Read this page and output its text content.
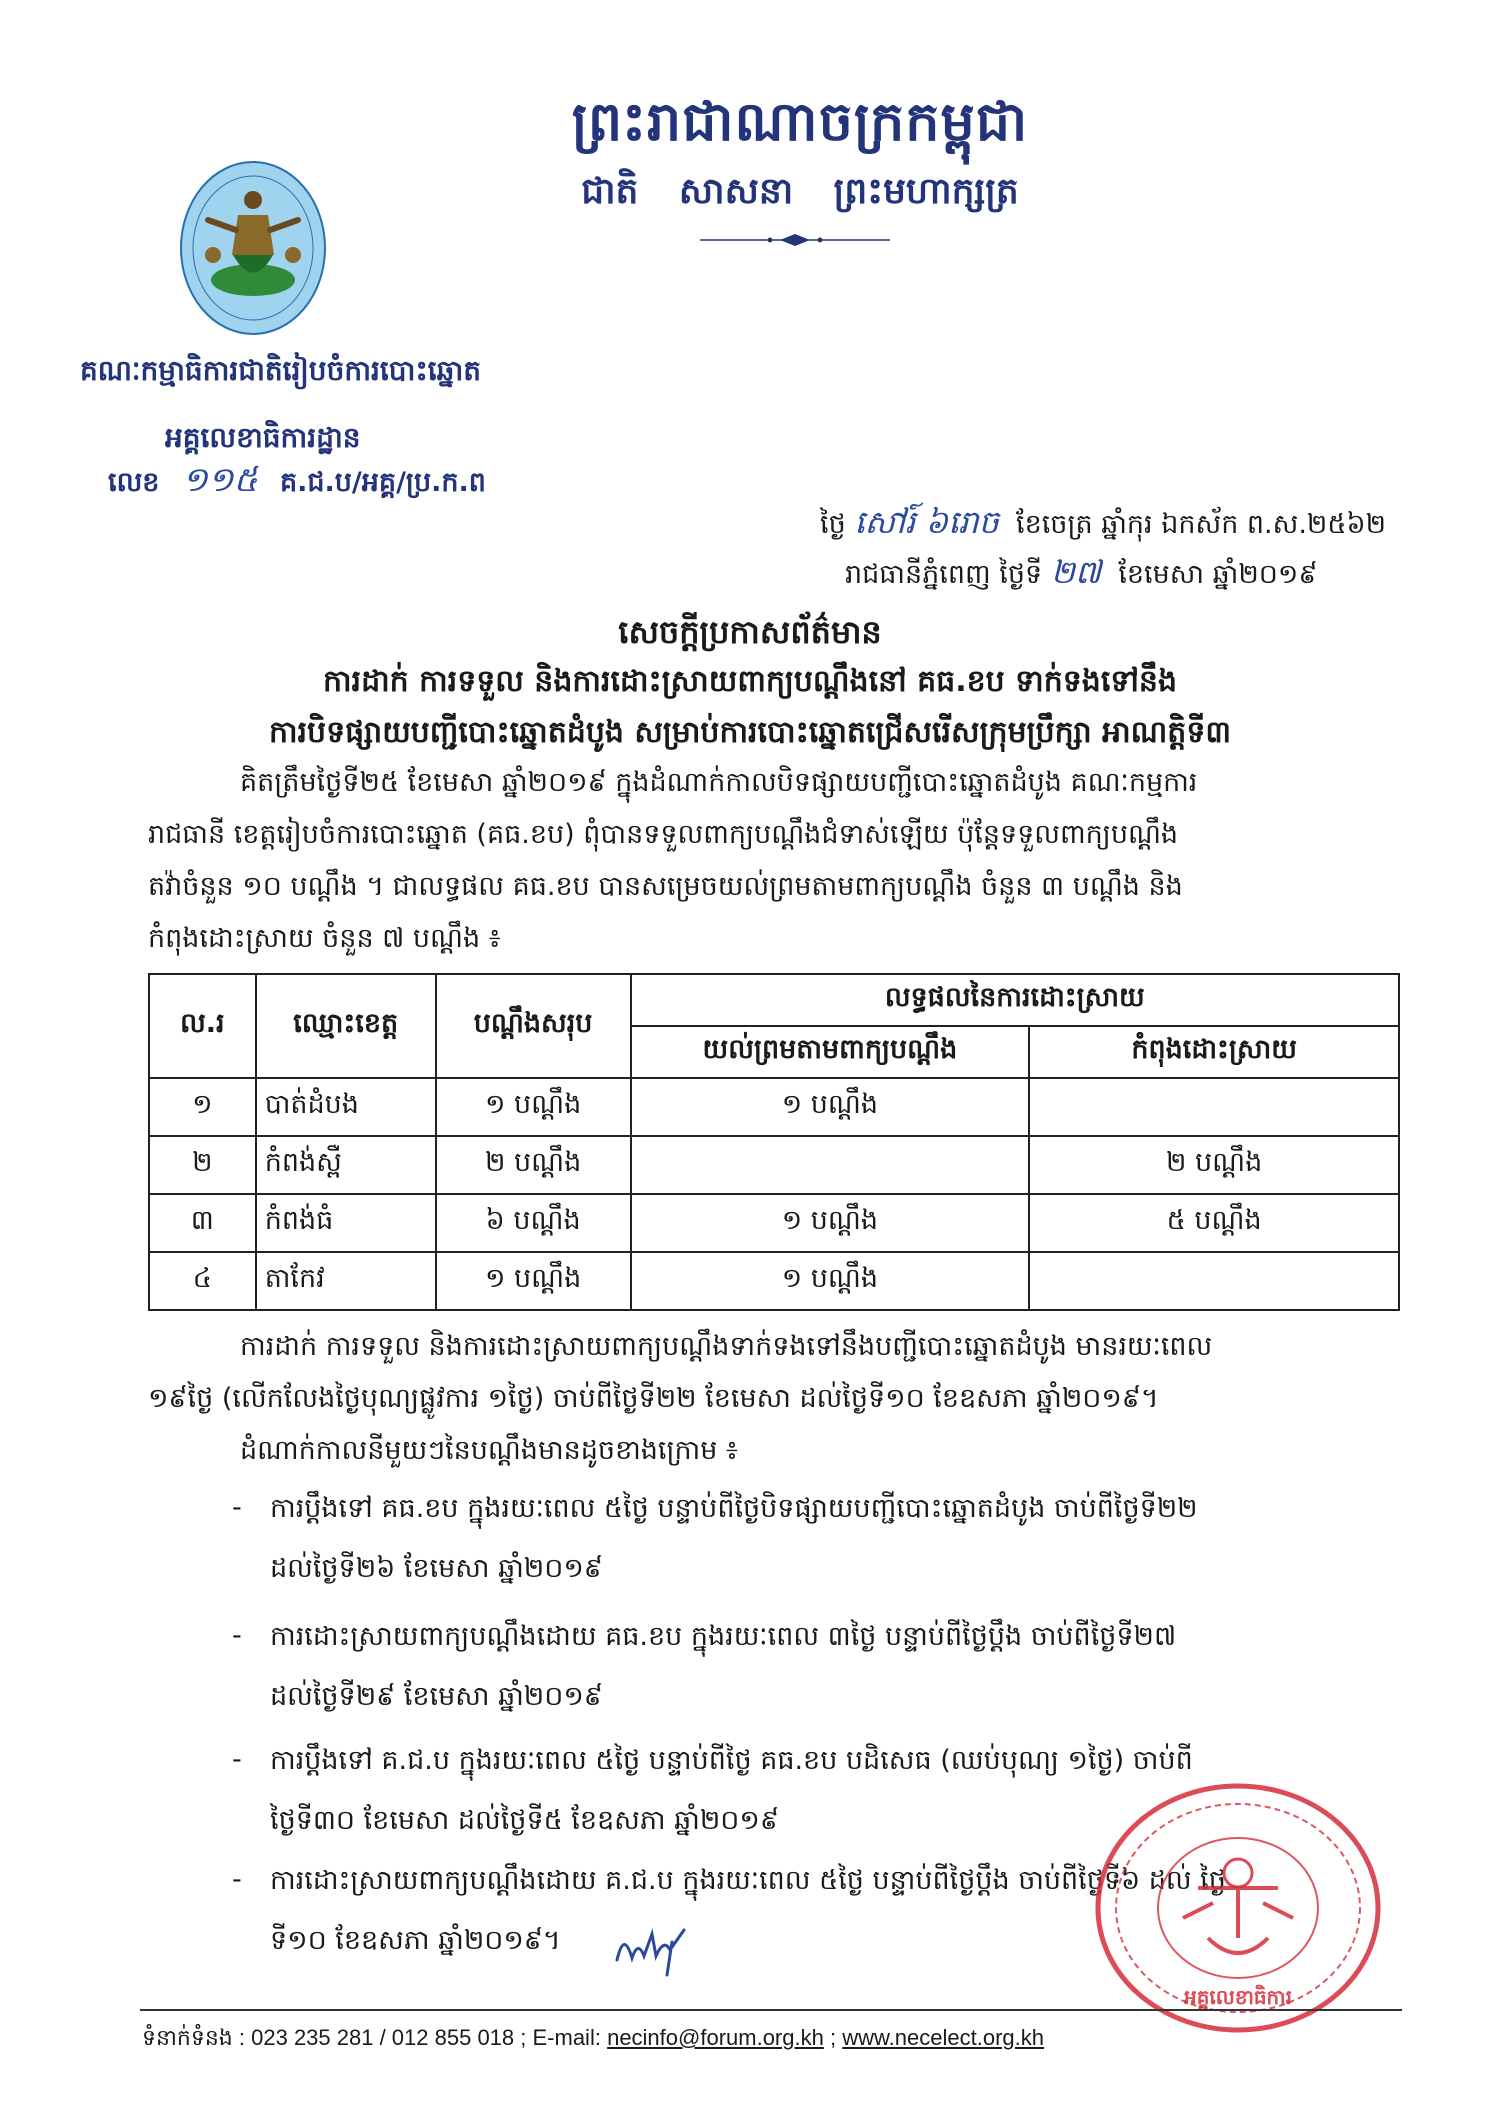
ព្រះរាជាណាចក្រកម្ពុជា
ជាតិ សាសនា ព្រះមហាក្សត្រ
គណៈកម្មាធិការជាតិរៀបចំការបោះឆ្នោត
អគ្គលេខាធិការដ្ឋាន
លេខ ១១៥ គ.ជ.ប/អគ្គ/ប្រ.ក.ព
ថ្ងៃ សៅរ៍ ៦រោច ខែចេត្រ ឆ្នាំកុរ ឯកស័ក ព.ស.២៥៦២
រាជធានីភ្នំពេញ ថ្ងៃទី ២៧ ខែមេសា ឆ្នាំ២០១៩
សេចក្តីប្រកាសព័ត៌មាន
ការដាក់ ការទទួល និងការដោះស្រាយពាក្យបណ្តឹងនៅ គធ.ខប ទាក់ទងទៅនឹង
ការបិទផ្សាយបញ្ជីបោះឆ្នោតដំបូង សម្រាប់ការបោះឆ្នោតជ្រើសរើសក្រុមប្រឹក្សា អាណត្តិទី៣
គិតត្រឹមថ្ងៃទី២៥ ខែមេសា ឆ្នាំ២០១៩ ក្នុងដំណាក់កាលបិទផ្សាយបញ្ជីបោះឆ្នោតដំបូង គណៈកម្មការ
រាជធានី ខេត្តរៀបចំការបោះឆ្នោត (គធ.ខប) ពុំបានទទួលពាក្យបណ្តឹងជំទាស់ឡើយ ប៉ុន្តែទទួលពាក្យបណ្តឹង
តវ៉ាចំនួន ១០ បណ្តឹង ។ ជាលទ្ធផល គធ.ខប បានសម្រេចយល់ព្រមតាមពាក្យបណ្តឹង ចំនួន ៣ បណ្តឹង និង
កំពុងដោះស្រាយ ចំនួន ៧ បណ្តឹង ៖
ល.រ	ឈ្មោះខេត្ត	បណ្តឹងសរុប	លទ្ធផលនៃការដោះស្រាយ	
			យល់ព្រមតាមពាក្យបណ្តឹង	កំពុងដោះស្រាយ
១	បាត់ដំបង	១ បណ្តឹង	១ បណ្តឹង	
២	កំពង់ស្ពឺ	២ បណ្តឹង		២ បណ្តឹង
៣	កំពង់ធំ	៦ បណ្តឹង	១ បណ្តឹង	៥ បណ្តឹង
៤	តាកែវ	១ បណ្តឹង	១ បណ្តឹង	
ការដាក់ ការទទួល និងការដោះស្រាយពាក្យបណ្តឹងទាក់ទងទៅនឹងបញ្ជីបោះឆ្នោតដំបូង មានរយៈពេល
១៩ថ្ងៃ (លើកលែងថ្ងៃបុណ្យផ្លូវការ ១ថ្ងៃ) ចាប់ពីថ្ងៃទី២២ ខែមេសា ដល់ថ្ងៃទី១០ ខែឧសភា ឆ្នាំ២០១៩។
ដំណាក់កាលនីមួយៗនៃបណ្តឹងមានដូចខាងក្រោម ៖
- ការប្តឹងទៅ គធ.ខប ក្នុងរយៈពេល ៥ថ្ងៃ បន្ទាប់ពីថ្ងៃបិទផ្សាយបញ្ជីបោះឆ្នោតដំបូង ចាប់ពីថ្ងៃទី២២
ដល់ថ្ងៃទី២៦ ខែមេសា ឆ្នាំ២០១៩
- ការដោះស្រាយពាក្យបណ្តឹងដោយ គធ.ខប ក្នុងរយៈពេល ៣ថ្ងៃ បន្ទាប់ពីថ្ងៃប្តឹង ចាប់ពីថ្ងៃទី២៧
ដល់ថ្ងៃទី២៩ ខែមេសា ឆ្នាំ២០១៩
- ការប្តឹងទៅ គ.ជ.ប ក្នុងរយៈពេល ៥ថ្ងៃ បន្ទាប់ពីថ្ងៃ គធ.ខប បដិសេធ (ឈប់បុណ្យ ១ថ្ងៃ) ចាប់ពី
ថ្ងៃទី៣០ ខែមេសា ដល់ថ្ងៃទី៥ ខែឧសភា ឆ្នាំ២០១៩
- ការដោះស្រាយពាក្យបណ្តឹងដោយ គ.ជ.ប ក្នុងរយៈពេល ៥ថ្ងៃ បន្ទាប់ពីថ្ងៃប្តឹង ចាប់ពីថ្ងៃទី៦ ដល់ ថ្ងៃ
ទី១០ ខែឧសភា ឆ្នាំ២០១៩។
អគ្គលេខាធិការ
ទំនាក់ទំនង : 023 235 281 / 012 855 018 ; E-mail: necinfo@forum.org.kh ; www.necelect.org.kh
